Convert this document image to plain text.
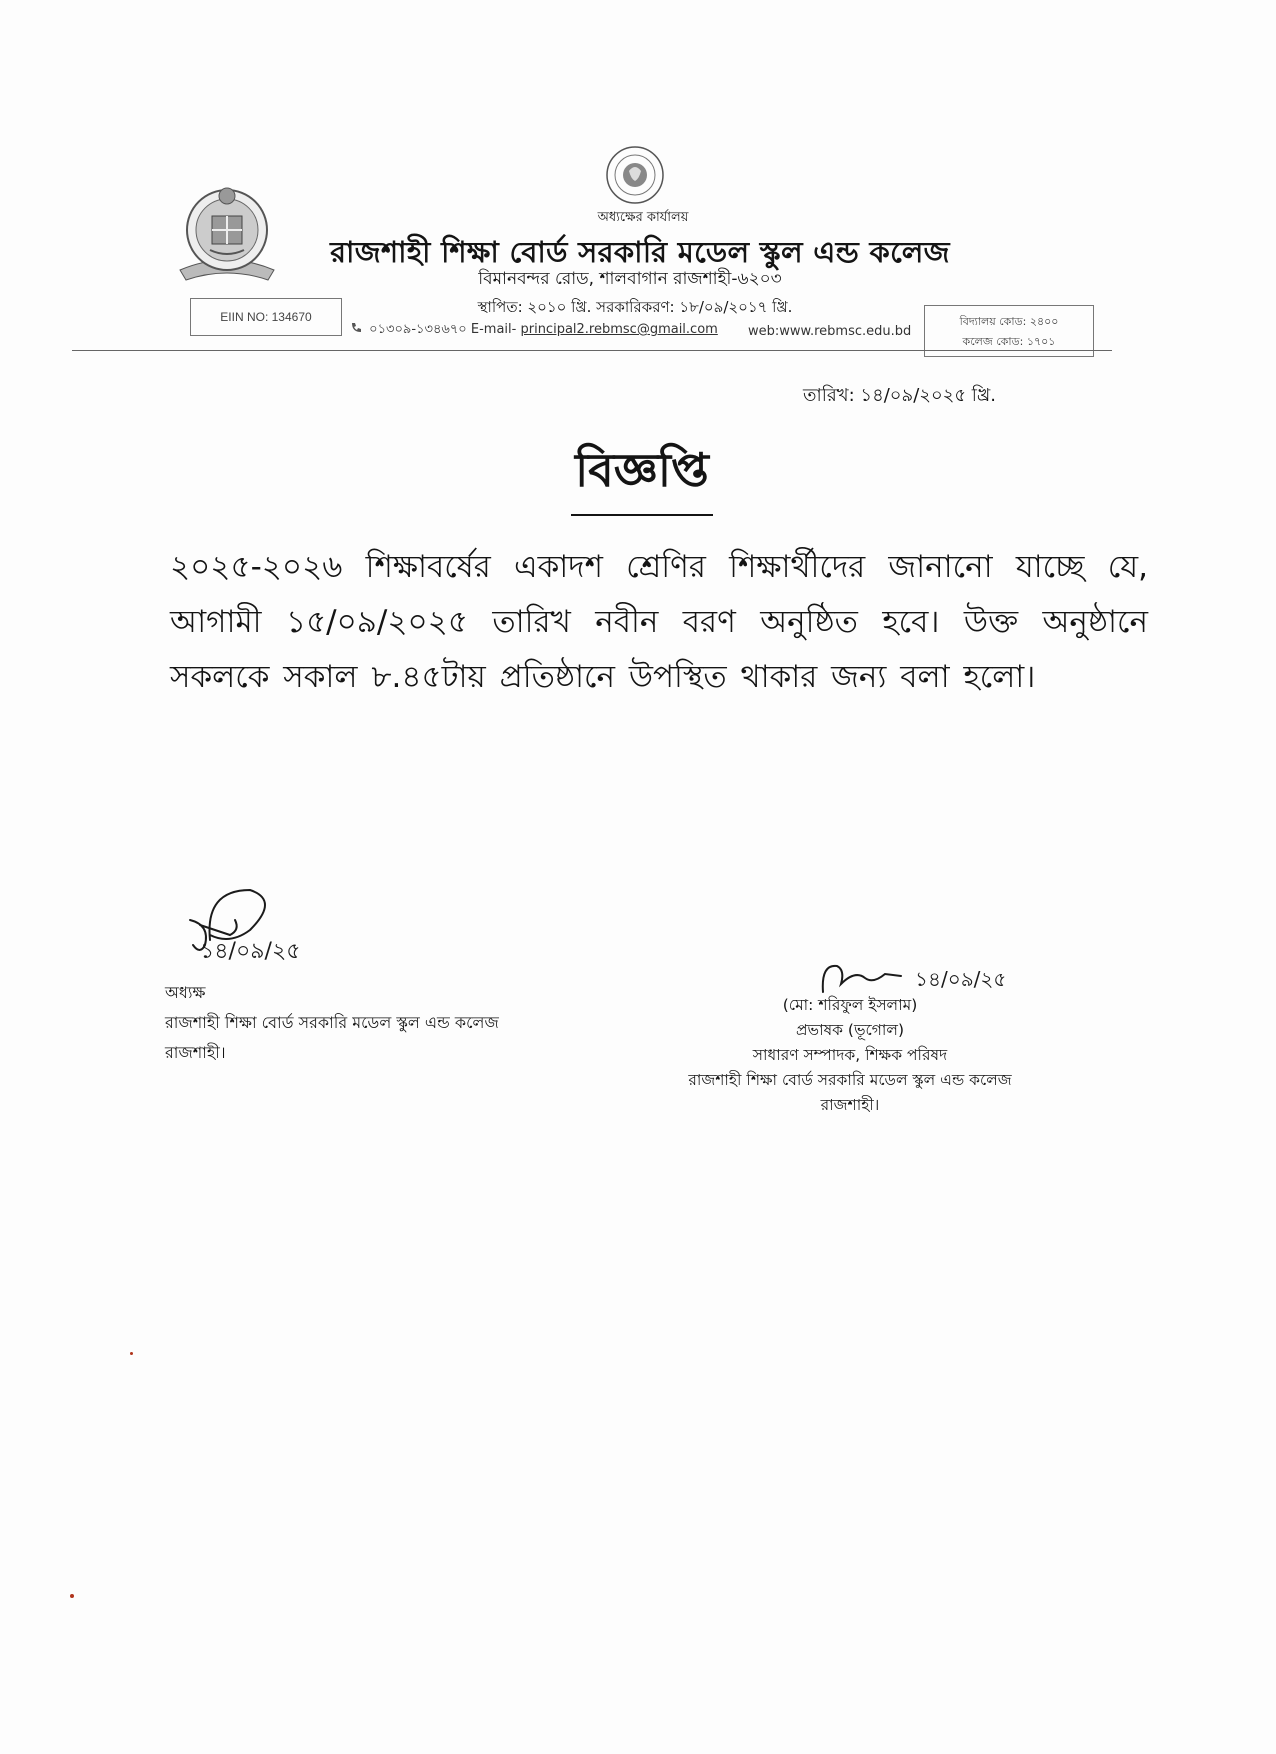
অধ্যক্ষের কার্যালয়
রাজশাহী শিক্ষা বোর্ড সরকারি মডেল স্কুল এন্ড কলেজ
বিমানবন্দর রোড, শালবাগান রাজশাহী-৬২০৩
স্থাপিত: ২০১০ খ্রি. সরকারিকরণ: ১৮/০৯/২০১৭ খ্রি.
EIIN NO: 134670
০১৩০৯-১৩৪৬৭০ E-mail- principal2.rebmsc@gmail.com web:www.rebmsc.edu.bd
বিদ্যালয় কোড: ২৪০০
কলেজ কোড: ১৭০১
তারিখ: ১৪/০৯/২০২৫ খ্রি.
বিজ্ঞপ্তি
২০২৫-২০২৬ শিক্ষাবর্ষের একাদশ শ্রেণির শিক্ষার্থীদের জানানো যাচ্ছে যে, আগামী ১৫/০৯/২০২৫ তারিখ নবীন বরণ অনুষ্ঠিত হবে। উক্ত অনুষ্ঠানে সকলকে সকাল ৮.৪৫টায় প্রতিষ্ঠানে উপস্থিত থাকার জন্য বলা হলো।
১৪/০৯/২৫
অধ্যক্ষ
রাজশাহী শিক্ষা বোর্ড সরকারি মডেল স্কুল এন্ড কলেজ
রাজশাহী।
১৪/০৯/২৫
(মো: শরিফুল ইসলাম)
প্রভাষক (ভূগোল)
সাধারণ সম্পাদক, শিক্ষক পরিষদ
রাজশাহী শিক্ষা বোর্ড সরকারি মডেল স্কুল এন্ড কলেজ
রাজশাহী।
